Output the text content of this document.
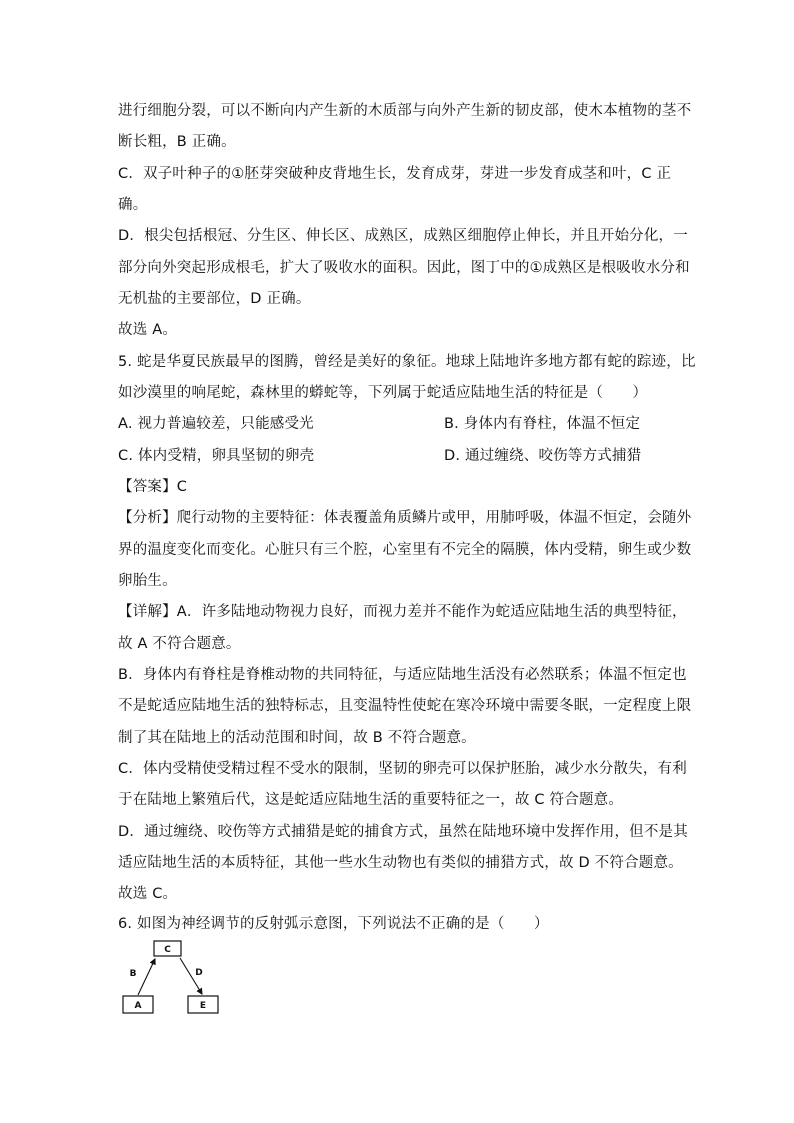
进行细胞分裂，可以不断向内产生新的木质部与向外产生新的韧皮部，使木本植物的茎不
断长粗，B 正确。
C．双子叶种子的①胚芽突破种皮背地生长，发育成芽，芽进一步发育成茎和叶，C 正
确。
D．根尖包括根冠、分生区、伸长区、成熟区，成熟区细胞停止伸长，并且开始分化，一
部分向外突起形成根毛，扩大了吸收水的面积。因此，图丁中的①成熟区是根吸收水分和
无机盐的主要部位，D 正确。
故选 A。
5. 蛇是华夏民族最早的图腾，曾经是美好的象征。地球上陆地许多地方都有蛇的踪迹，比
如沙漠里的响尾蛇，森林里的蟒蛇等，下列属于蛇适应陆地生活的特征是（　　）
A. 视力普遍较差，只能感受光	B. 身体内有脊柱，体温不恒定
C. 体内受精，卵具坚韧的卵壳	D. 通过缠绕、咬伤等方式捕猎
【答案】C
【分析】爬行动物的主要特征：体表覆盖角质鳞片或甲，用肺呼吸，体温不恒定，会随外
界的温度变化而变化。心脏只有三个腔，心室里有不完全的隔膜，体内受精，卵生或少数
卵胎生。
【详解】A．许多陆地动物视力良好，而视力差并不能作为蛇适应陆地生活的典型特征，
故 A 不符合题意。
B．身体内有脊柱是脊椎动物的共同特征，与适应陆地生活没有必然联系；体温不恒定也
不是蛇适应陆地生活的独特标志，且变温特性使蛇在寒冷环境中需要冬眠，一定程度上限
制了其在陆地上的活动范围和时间，故 B 不符合题意。
C．体内受精使受精过程不受水的限制，坚韧的卵壳可以保护胚胎，减少水分散失，有利
于在陆地上繁殖后代，这是蛇适应陆地生活的重要特征之一，故 C 符合题意。
D．通过缠绕、咬伤等方式捕猎是蛇的捕食方式，虽然在陆地环境中发挥作用，但不是其
适应陆地生活的本质特征，其他一些水生动物也有类似的捕猎方式，故 D 不符合题意。
故选 C。
6. 如图为神经调节的反射弧示意图，下列说法不正确的是（　　）
C
A	E
B	D
